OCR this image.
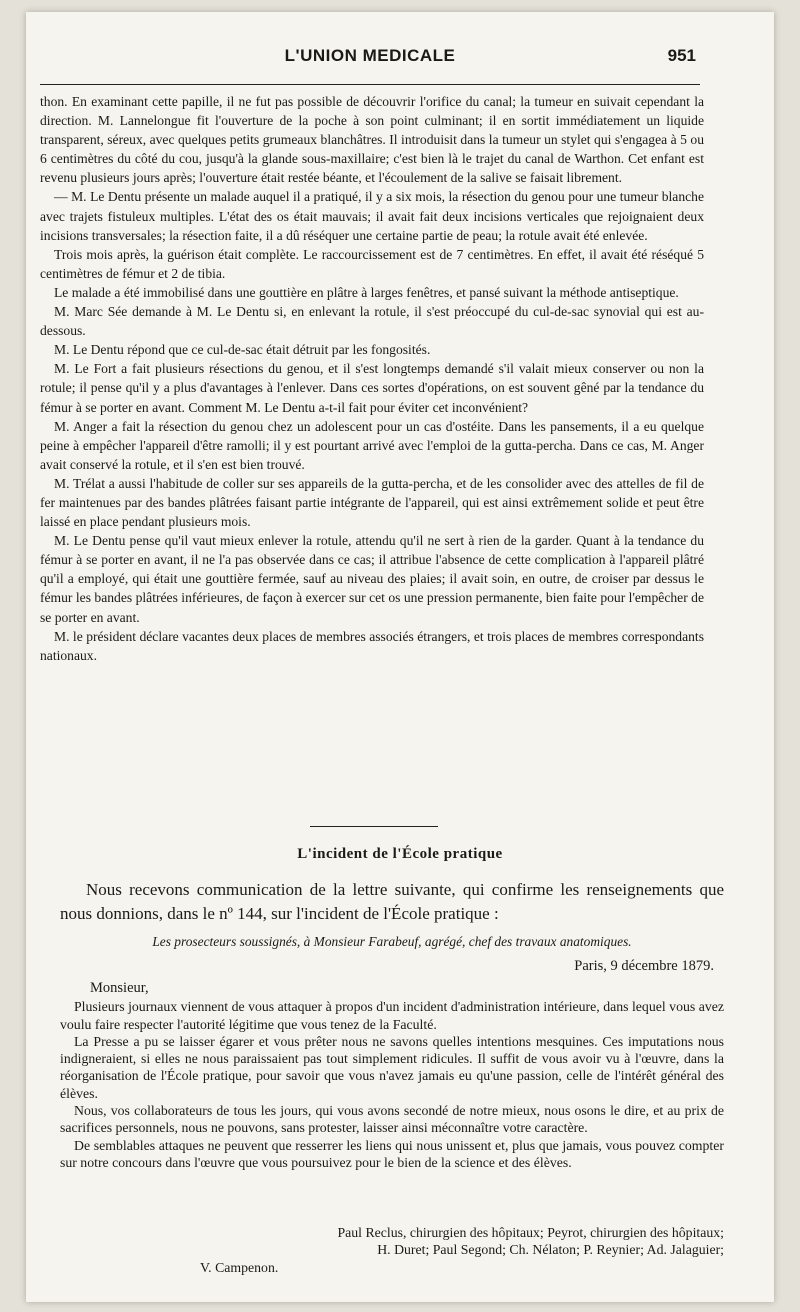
L'UNION MEDICALE	951

thon. En examinant cette papille, il ne fut pas possible de découvrir l'orifice du canal; la tumeur en suivait cependant la direction. M. Lannelongue fit l'ouverture de la poche à son point culminant; il en sortit immédiatement un liquide transparent, séreux, avec quelques petits grumeaux blanchâtres. Il introduisit dans la tumeur un stylet qui s'engagea à 5 ou 6 centimètres du côté du cou, jusqu'à la glande sous-maxillaire; c'est bien là le trajet du canal de Warthon. Cet enfant est revenu plusieurs jours après; l'ouverture était restée béante, et l'écoulement de la salive se faisait librement.

— M. Le Dentu présente un malade auquel il a pratiqué, il y a six mois, la résection du genou pour une tumeur blanche avec trajets fistuleux multiples. L'état des os était mauvais; il avait fait deux incisions verticales que rejoignaient deux incisions transversales; la résection faite, il a dû réséquer une certaine partie de peau; la rotule avait été enlevée.

Trois mois après, la guérison était complète. Le raccourcissement est de 7 centimètres. En effet, il avait été réséqué 5 centimètres de fémur et 2 de tibia.

Le malade a été immobilisé dans une gouttière en plâtre à larges fenêtres, et pansé suivant la méthode antiseptique.

M. Marc Sée demande à M. Le Dentu si, en enlevant la rotule, il s'est préoccupé du cul-de-sac synovial qui est au-dessous.

M. Le Dentu répond que ce cul-de-sac était détruit par les fongosités.

M. Le Fort a fait plusieurs résections du genou, et il s'est longtemps demandé s'il valait mieux conserver ou non la rotule; il pense qu'il y a plus d'avantages à l'enlever. Dans ces sortes d'opérations, on est souvent gêné par la tendance du fémur à se porter en avant. Comment M. Le Dentu a-t-il fait pour éviter cet inconvénient?

M. Anger a fait la résection du genou chez un adolescent pour un cas d'ostéite. Dans les pansements, il a eu quelque peine à empêcher l'appareil d'être ramolli; il y est pourtant arrivé avec l'emploi de la gutta-percha. Dans ce cas, M. Anger avait conservé la rotule, et il s'en est bien trouvé.

M. Trélat a aussi l'habitude de coller sur ses appareils de la gutta-percha, et de les consolider avec des attelles de fil de fer maintenues par des bandes plâtrées faisant partie intégrante de l'appareil, qui est ainsi extrêmement solide et peut être laissé en place pendant plusieurs mois.

M. Le Dentu pense qu'il vaut mieux enlever la rotule, attendu qu'il ne sert à rien de la garder. Quant à la tendance du fémur à se porter en avant, il ne l'a pas observée dans ce cas; il attribue l'absence de cette complication à l'appareil plâtré qu'il a employé, qui était une gouttière fermée, sauf au niveau des plaies; il avait soin, en outre, de croiser par dessus le fémur les bandes plâtrées inférieures, de façon à exercer sur cet os une pression permanente, bien faite pour l'empêcher de se porter en avant.

M. le président déclare vacantes deux places de membres associés étrangers, et trois places de membres correspondants nationaux.

L'incident de l'École pratique
Nous recevons communication de la lettre suivante, qui confirme les renseignements que nous donnions, dans le nº 144, sur l'incident de l'École pratique :
Les prosecteurs soussignés, à Monsieur Farabeuf, agrégé, chef des travaux anatomiques.
Paris, 9 décembre 1879.

Monsieur,

Plusieurs journaux viennent de vous attaquer à propos d'un incident d'administration intérieure, dans lequel vous avez voulu faire respecter l'autorité légitime que vous tenez de la Faculté.

La Presse a pu se laisser égarer et vous prêter nous ne savons quelles intentions mesquines. Ces imputations nous indigneraient, si elles ne nous paraissaient pas tout simplement ridicules. Il suffit de vous avoir vu à l'œuvre, dans la réorganisation de l'École pratique, pour savoir que vous n'avez jamais eu qu'une passion, celle de l'intérêt général des élèves.

Nous, vos collaborateurs de tous les jours, qui vous avons secondé de notre mieux, nous osons le dire, et au prix de sacrifices personnels, nous ne pouvons, sans protester, laisser ainsi méconnaître votre caractère.

De semblables attaques ne peuvent que resserrer les liens qui nous unissent et, plus que jamais, vous pouvez compter sur notre concours dans l'œuvre que vous poursuivez pour le bien de la science et des élèves.

Paul Reclus, chirurgien des hôpitaux; Peyrot, chirurgien des hôpitaux;
H. Duret; Paul Segond; Ch. Nélaton; P. Reynier; Ad. Jalaguier;
V. Campenon.
